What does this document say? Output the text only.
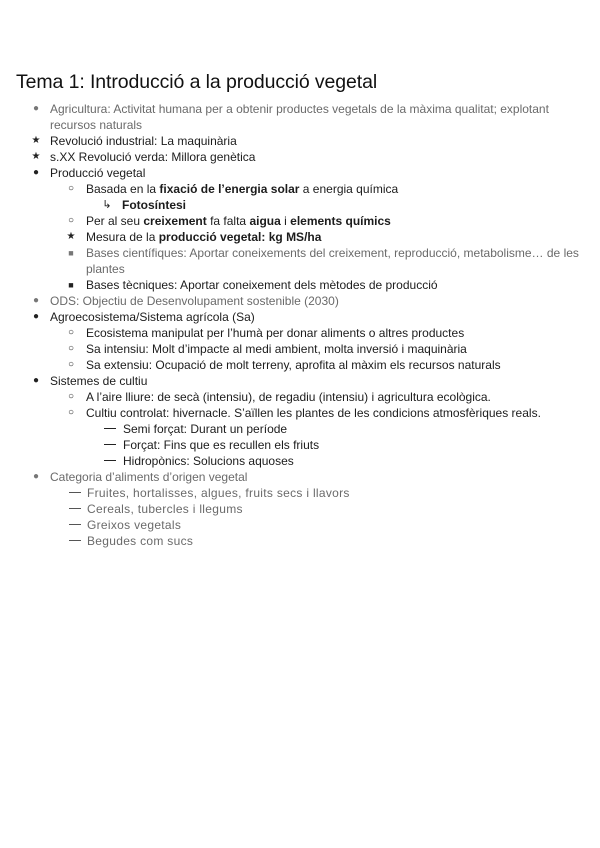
Tema 1: Introducció a la producció vegetal
● Agricultura: Activitat humana per a obtenir productes vegetals de la màxima qualitat; explotant
recursos naturals
★ Revolució industrial: La maquinària
★ s.XX Revolució verda: Millora genètica
● Producció vegetal
○ Basada en la fixació de l’energia solar a energia química
↳ Fotosíntesi
○ Per al seu creixement fa falta aigua i elements químics
★ Mesura de la producció vegetal: kg MS/ha
■	Bases científiques: Aportar coneixements del creixement, reproducció, metabolisme… de les
plantes
■	Bases tècniques: Aportar coneixement dels mètodes de producció
● ODS: Objectiu de Desenvolupament sostenible (2030)
● Agroecosistema/Sistema agrícola (Sa)
○ Ecosistema manipulat per l’humà per donar aliments o altres productes
○ Sa intensiu: Molt d’impacte al medi ambient, molta inversió i maquinària
○ Sa extensiu: Ocupació de molt terreny, aprofita al màxim els recursos naturals
● Sistemes de cultiu
○ A l’aire lliure: de secà (intensiu), de regadiu (intensiu) i agricultura ecològica.
○ Cultiu controlat: hivernacle. S’aïllen les plantes de les condicions atmosfèriques reals.
Semi forçat: Durant un període
Forçat: Fins que es recullen els friuts
Hidropònics: Solucions aquoses
● Categoria d’aliments d’origen vegetal
Fruites, hortalisses, algues, fruits secs i llavors
Cereals, tubercles i llegums
Greixos vegetals
Begudes com sucs
